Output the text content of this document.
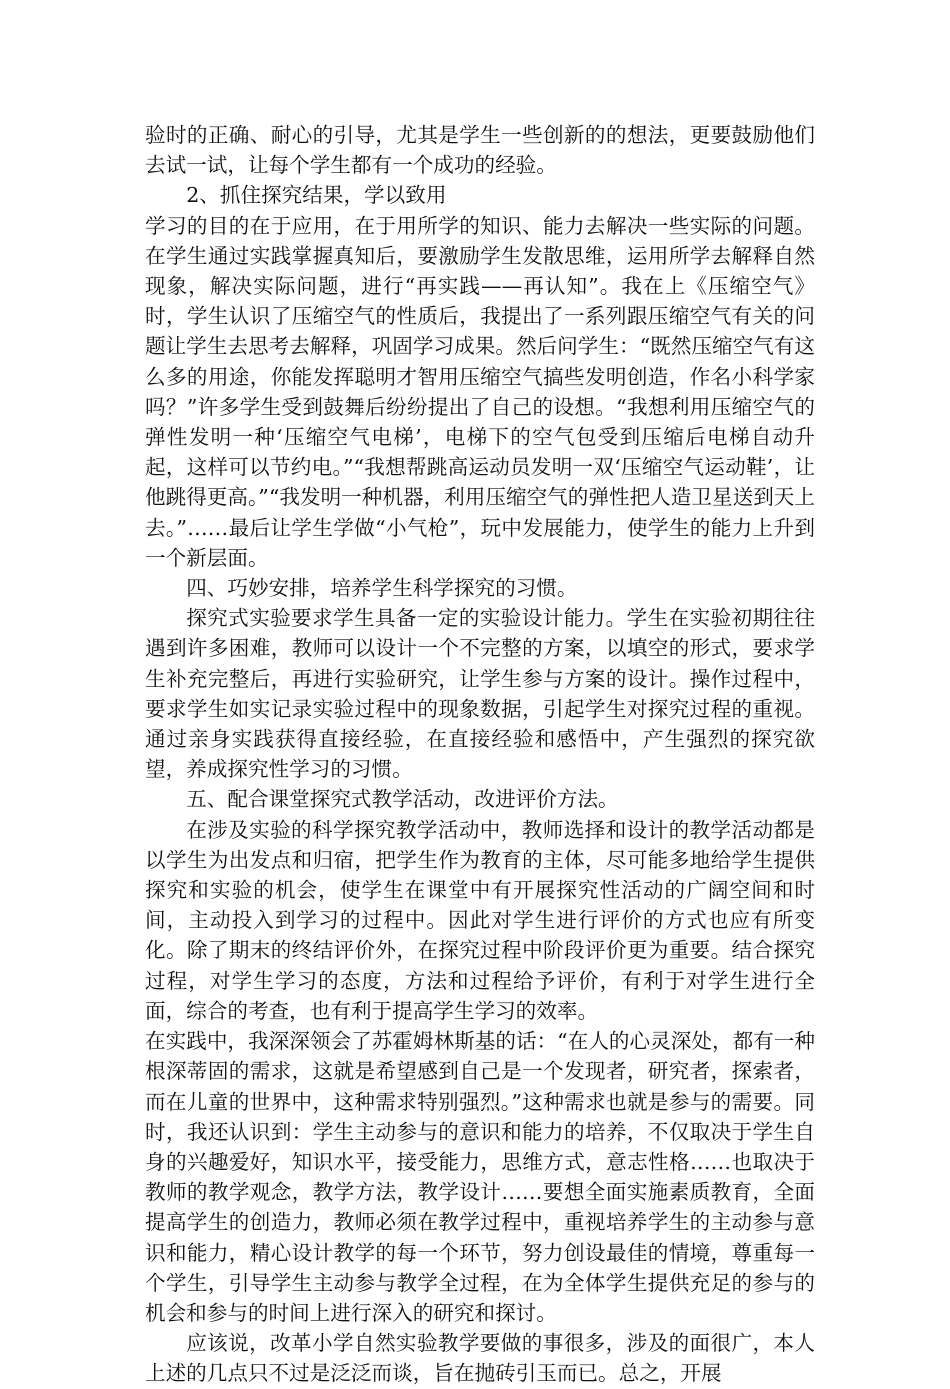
验时的正确、耐心的引导，尤其是学生一些创新的的想法，更要鼓励他们去试一试，让每个学生都有一个成功的经验。

2、抓住探究结果，学以致用

学习的目的在于应用，在于用所学的知识、能力去解决一些实际的问题。在学生通过实践掌握真知后，要激励学生发散思维，运用所学去解释自然现象，解决实际问题，进行“再实践——再认知”。我在上《压缩空气》时，学生认识了压缩空气的性质后，我提出了一系列跟压缩空气有关的问题让学生去思考去解释，巩固学习成果。然后问学生：“既然压缩空气有这么多的用途，你能发挥聪明才智用压缩空气搞些发明创造，作名小科学家吗？”许多学生受到鼓舞后纷纷提出了自己的设想。“我想利用压缩空气的弹性发明一种‘压缩空气电梯’，电梯下的空气包受到压缩后电梯自动升起，这样可以节约电。”“我想帮跳高运动员发明一双‘压缩空气运动鞋’，让他跳得更高。”“我发明一种机器，利用压缩空气的弹性把人造卫星送到天上去。”……最后让学生学做“小气枪”，玩中发展能力，使学生的能力上升到一个新层面。

四、巧妙安排，培养学生科学探究的习惯。

探究式实验要求学生具备一定的实验设计能力。学生在实验初期往往遇到许多困难，教师可以设计一个不完整的方案，以填空的形式，要求学生补充完整后，再进行实验研究，让学生参与方案的设计。操作过程中，要求学生如实记录实验过程中的现象数据，引起学生对探究过程的重视。通过亲身实践获得直接经验，在直接经验和感悟中，产生强烈的探究欲望，养成探究性学习的习惯。

五、配合课堂探究式教学活动，改进评价方法。

在涉及实验的科学探究教学活动中，教师选择和设计的教学活动都是以学生为出发点和归宿，把学生作为教育的主体，尽可能多地给学生提供探究和实验的机会，使学生在课堂中有开展探究性活动的广阔空间和时间，主动投入到学习的过程中。因此对学生进行评价的方式也应有所变化。除了期末的终结评价外，在探究过程中阶段评价更为重要。结合探究过程，对学生学习的态度，方法和过程给予评价，有利于对学生进行全面，综合的考查，也有利于提高学生学习的效率。

在实践中，我深深领会了苏霍姆林斯基的话：“在人的心灵深处，都有一种根深蒂固的需求，这就是希望感到自己是一个发现者，研究者，探索者，而在儿童的世界中，这种需求特别强烈。”这种需求也就是参与的需要。同时，我还认识到：学生主动参与的意识和能力的培养，不仅取决于学生自身的兴趣爱好，知识水平，接受能力，思维方式，意志性格……也取决于教师的教学观念，教学方法，教学设计……要想全面实施素质教育，全面提高学生的创造力，教师必须在教学过程中，重视培养学生的主动参与意识和能力，精心设计教学的每一个环节，努力创设最佳的情境，尊重每一个学生，引导学生主动参与教学全过程，在为全体学生提供充足的参与的机会和参与的时间上进行深入的研究和探讨。

应该说，改革小学自然实验教学要做的事很多，涉及的面很广，本人上述的几点只不过是泛泛而谈，旨在抛砖引玉而已。总之，开展
